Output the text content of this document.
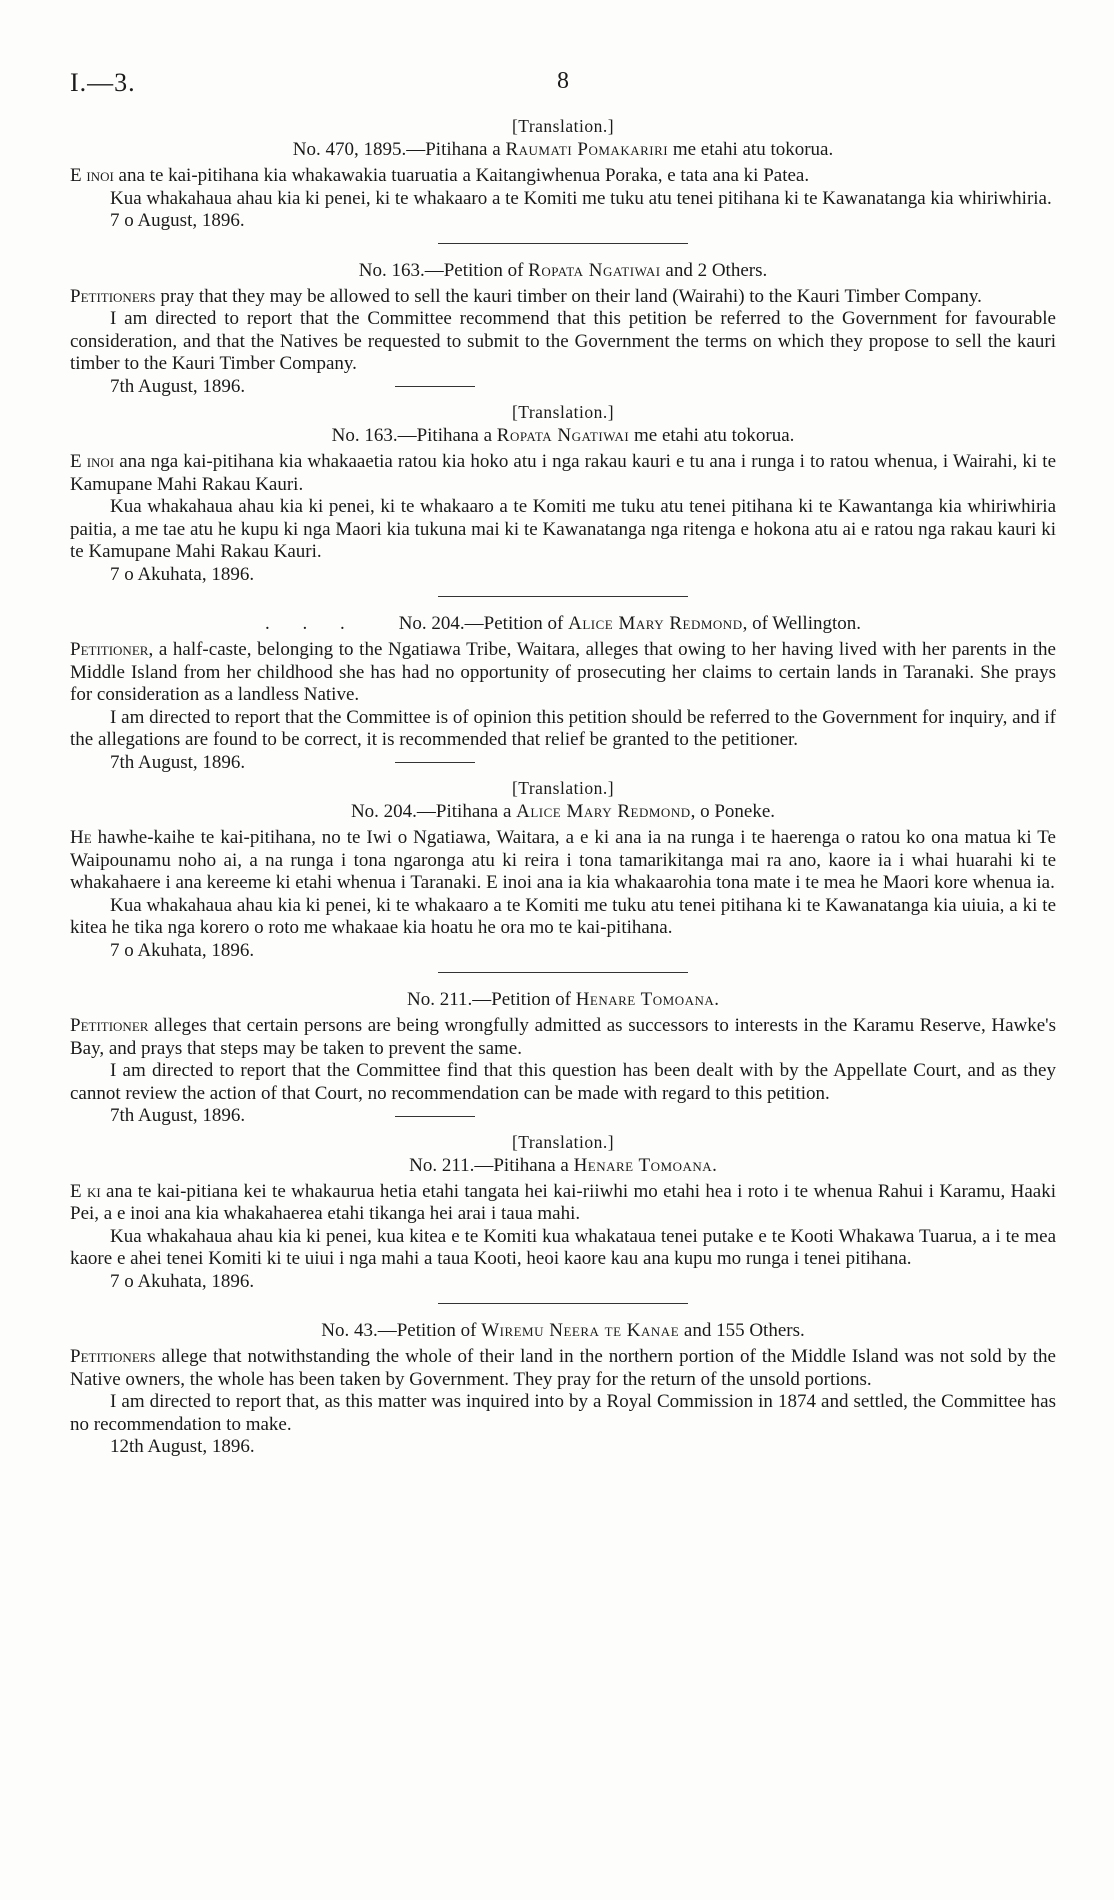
I.—3.	8
[Translation.]
No. 470, 1895.—Pitihana a Raumati Pomakariri me etahi atu tokorua.

E inoi ana te kai-pitihana kia whakawakia tuaruatia a Kaitangiwhenua Poraka, e tata ana ki Patea.

Kua whakahaua ahau kia ki penei, ki te whakaaro a te Komiti me tuku atu tenei pitihana ki te Kawanatanga kia whiriwhiria.

7 o August, 1896.
No. 163.—Petition of Ropata Ngatiwai and 2 Others.

Petitioners pray that they may be allowed to sell the kauri timber on their land (Wairahi) to the Kauri Timber Company.

I am directed to report that the Committee recommend that this petition be referred to the Government for favourable consideration, and that the Natives be requested to submit to the Government the terms on which they propose to sell the kauri timber to the Kauri Timber Company.

7th August, 1896.
[Translation.]
No. 163.—Pitihana a Ropata Ngatiwai me etahi atu tokorua.

E inoi ana nga kai-pitihana kia whakaaetia ratou kia hoko atu i nga rakau kauri e tu ana i runga i to ratou whenua, i Wairahi, ki te Kamupane Mahi Rakau Kauri.

Kua whakahaua ahau kia ki penei, ki te whakaaro a te Komiti me tuku atu tenei pitihana ki te Kawantanga kia whiriwhiria paitia, a me tae atu he kupu ki nga Maori kia tukuna mai ki te Kawanatanga nga ritenga e hokona atu ai e ratou nga rakau kauri ki te Kamupane Mahi Rakau Kauri.

7 o Akuhata, 1896.
. . . No. 204.—Petition of Alice Mary Redmond, of Wellington.

Petitioner, a half-caste, belonging to the Ngatiawa Tribe, Waitara, alleges that owing to her having lived with her parents in the Middle Island from her childhood she has had no opportunity of prosecuting her claims to certain lands in Taranaki. She prays for consideration as a landless Native.

I am directed to report that the Committee is of opinion this petition should be referred to the Government for inquiry, and if the allegations are found to be correct, it is recommended that relief be granted to the petitioner.

7th August, 1896.
[Translation.]
No. 204.—Pitihana a Alice Mary Redmond, o Poneke.

He hawhe-kaihe te kai-pitihana, no te Iwi o Ngatiawa, Waitara, a e ki ana ia na runga i te haerenga o ratou ko ona matua ki Te Waipounamu noho ai, a na runga i tona ngaronga atu ki reira i tona tamarikitanga mai ra ano, kaore ia i whai huarahi ki te whakahaere i ana kereeme ki etahi whenua i Taranaki. E inoi ana ia kia whakaarohia tona mate i te mea he Maori kore whenua ia.

Kua whakahaua ahau kia ki penei, ki te whakaaro a te Komiti me tuku atu tenei pitihana ki te Kawanatanga kia uiuia, a ki te kitea he tika nga korero o roto me whakaae kia hoatu he ora mo te kai-pitihana.

7 o Akuhata, 1896.
No. 211.—Petition of Henare Tomoana.

Petitioner alleges that certain persons are being wrongfully admitted as successors to interests in the Karamu Reserve, Hawke's Bay, and prays that steps may be taken to prevent the same.

I am directed to report that the Committee find that this question has been dealt with by the Appellate Court, and as they cannot review the action of that Court, no recommendation can be made with regard to this petition.

7th August, 1896.
[Translation.]
No. 211.—Pitihana a Henare Tomoana.

E ki ana te kai-pitiana kei te whakaurua hetia etahi tangata hei kai-riiwhi mo etahi hea i roto i te whenua Rahui i Karamu, Haaki Pei, a e inoi ana kia whakahaerea etahi tikanga hei arai i taua mahi.

Kua whakahaua ahau kia ki penei, kua kitea e te Komiti kua whakataua tenei putake e te Kooti Whakawa Tuarua, a i te mea kaore e ahei tenei Komiti ki te uiui i nga mahi a taua Kooti, heoi kaore kau ana kupu mo runga i tenei pitihana.

7 o Akuhata, 1896.
No. 43.—Petition of Wiremu Neera te Kanae and 155 Others.

Petitioners allege that notwithstanding the whole of their land in the northern portion of the Middle Island was not sold by the Native owners, the whole has been taken by Government. They pray for the return of the unsold portions.

I am directed to report that, as this matter was inquired into by a Royal Commission in 1874 and settled, the Committee has no recommendation to make.

12th August, 1896.
